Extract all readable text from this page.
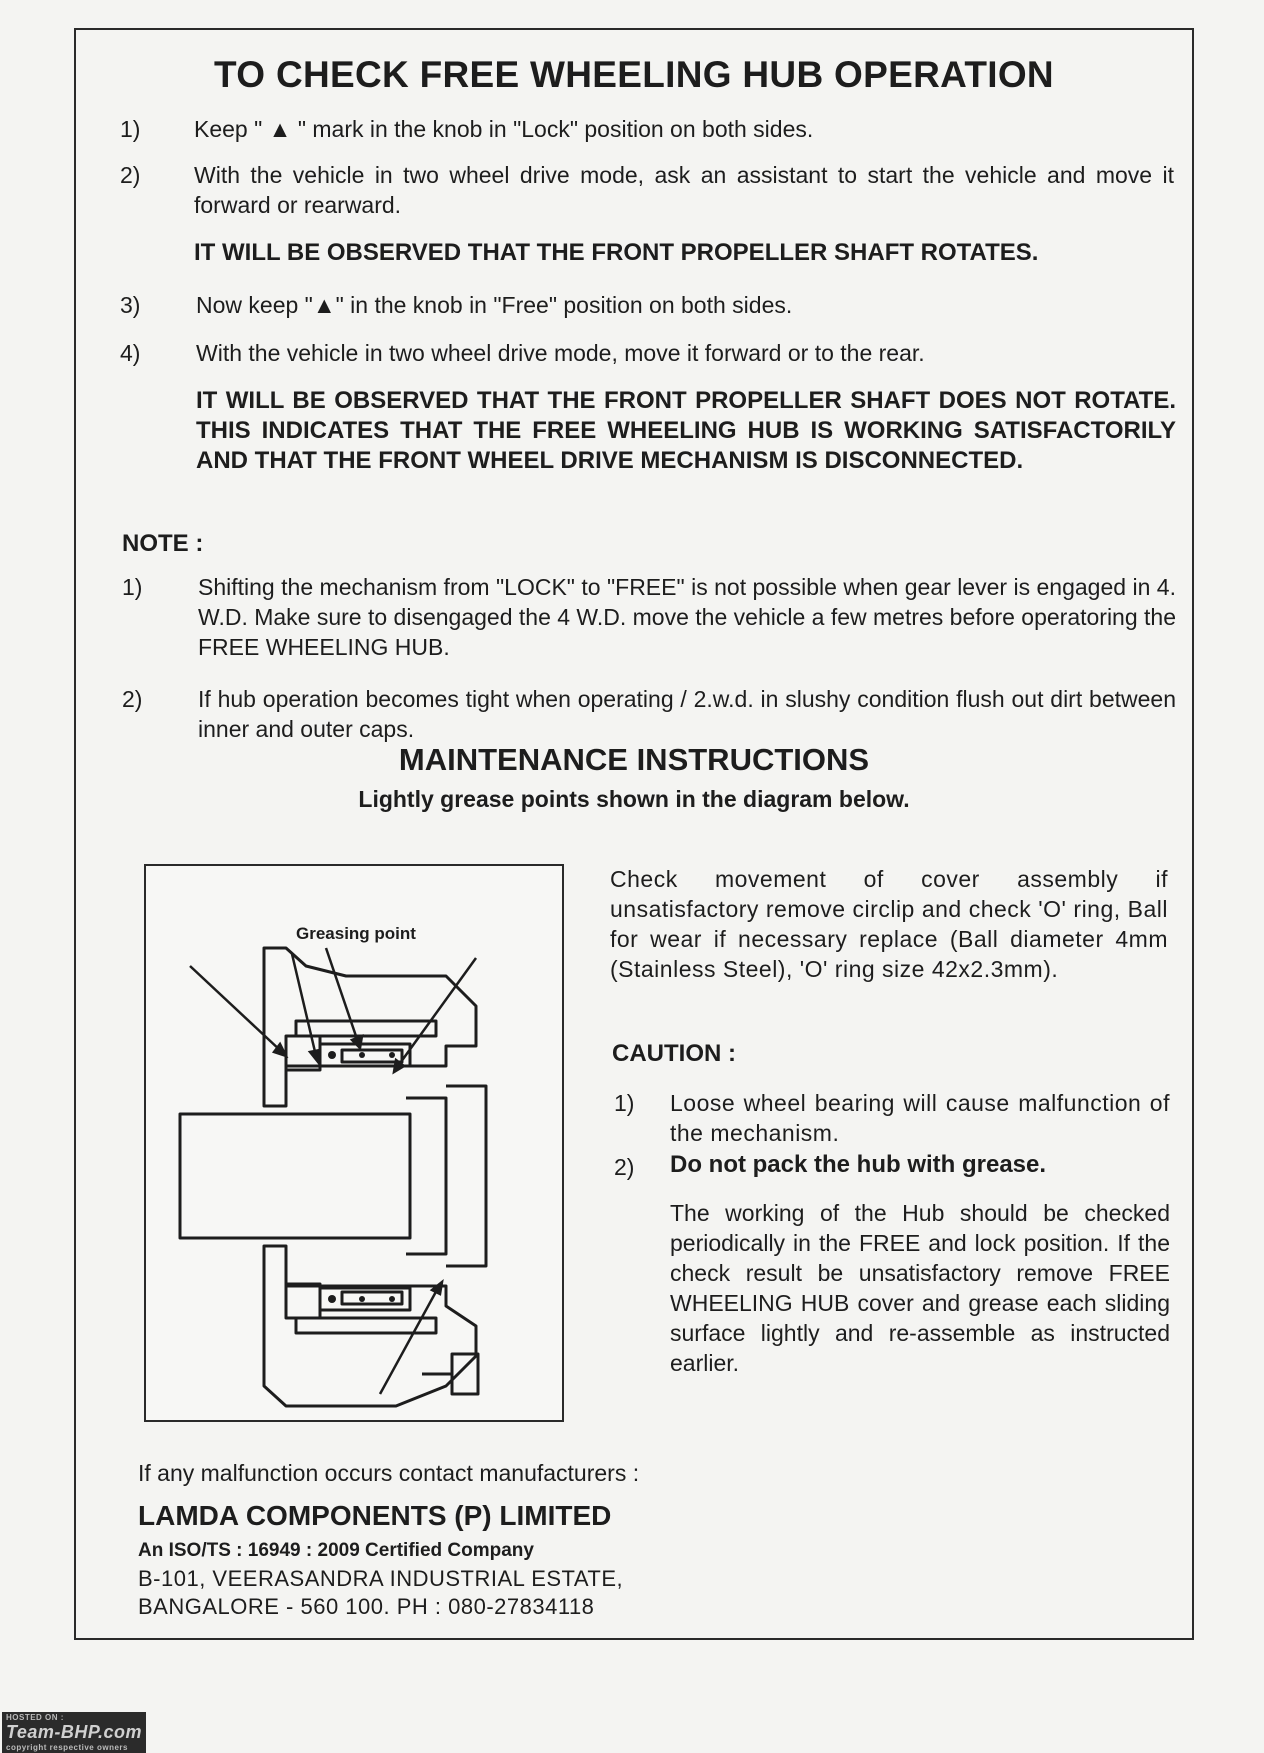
TO CHECK FREE WHEELING HUB OPERATION
1) Keep " ▲ " mark in the knob in "Lock" position on both sides.
2) With the vehicle in two wheel drive mode, ask an assistant to start the vehicle and move it forward or rearward.
IT WILL BE OBSERVED THAT THE FRONT PROPELLER SHAFT ROTATES.
3) Now keep "▲" in the knob in "Free" position on both sides.
4) With the vehicle in two wheel drive mode, move it forward or to the rear.
IT WILL BE OBSERVED THAT THE FRONT PROPELLER SHAFT DOES NOT ROTATE. THIS INDICATES THAT THE FREE WHEELING HUB IS WORKING SATISFACTORILY AND THAT THE FRONT WHEEL DRIVE MECHANISM IS DISCONNECTED.
NOTE :
1) Shifting the mechanism from "LOCK" to "FREE" is not possible when gear lever is engaged in 4. W.D. Make sure to disengaged the 4 W.D. move the vehicle a few metres before operatoring the FREE WHEELING HUB.
2) If hub operation becomes tight when operating / 2.w.d. in slushy condition flush out dirt between inner and outer caps.
MAINTENANCE INSTRUCTIONS
Lightly grease points shown in the diagram below.
Greasing point
Check movement of cover assembly if unsatisfactory remove circlip and check 'O' ring, Ball for wear if necessary replace (Ball diameter 4mm (Stainless Steel), 'O' ring size 42x2.3mm).
CAUTION :
1) Loose wheel bearing will cause malfunction of the mechanism.
2) Do not pack the hub with grease.
The working of the Hub should be checked periodically in the FREE and lock position. If the check result be unsatisfactory remove FREE WHEELING HUB cover and grease each sliding surface lightly and re-assemble as instructed earlier.
If any malfunction occurs contact manufacturers :
LAMDA COMPONENTS (P) LIMITED
An ISO/TS : 16949 : 2009 Certified Company
B-101, VEERASANDRA INDUSTRIAL ESTATE,
BANGALORE - 560 100. PH : 080-27834118
HOSTED ON :
Team-BHP.com
copyright respective owners
